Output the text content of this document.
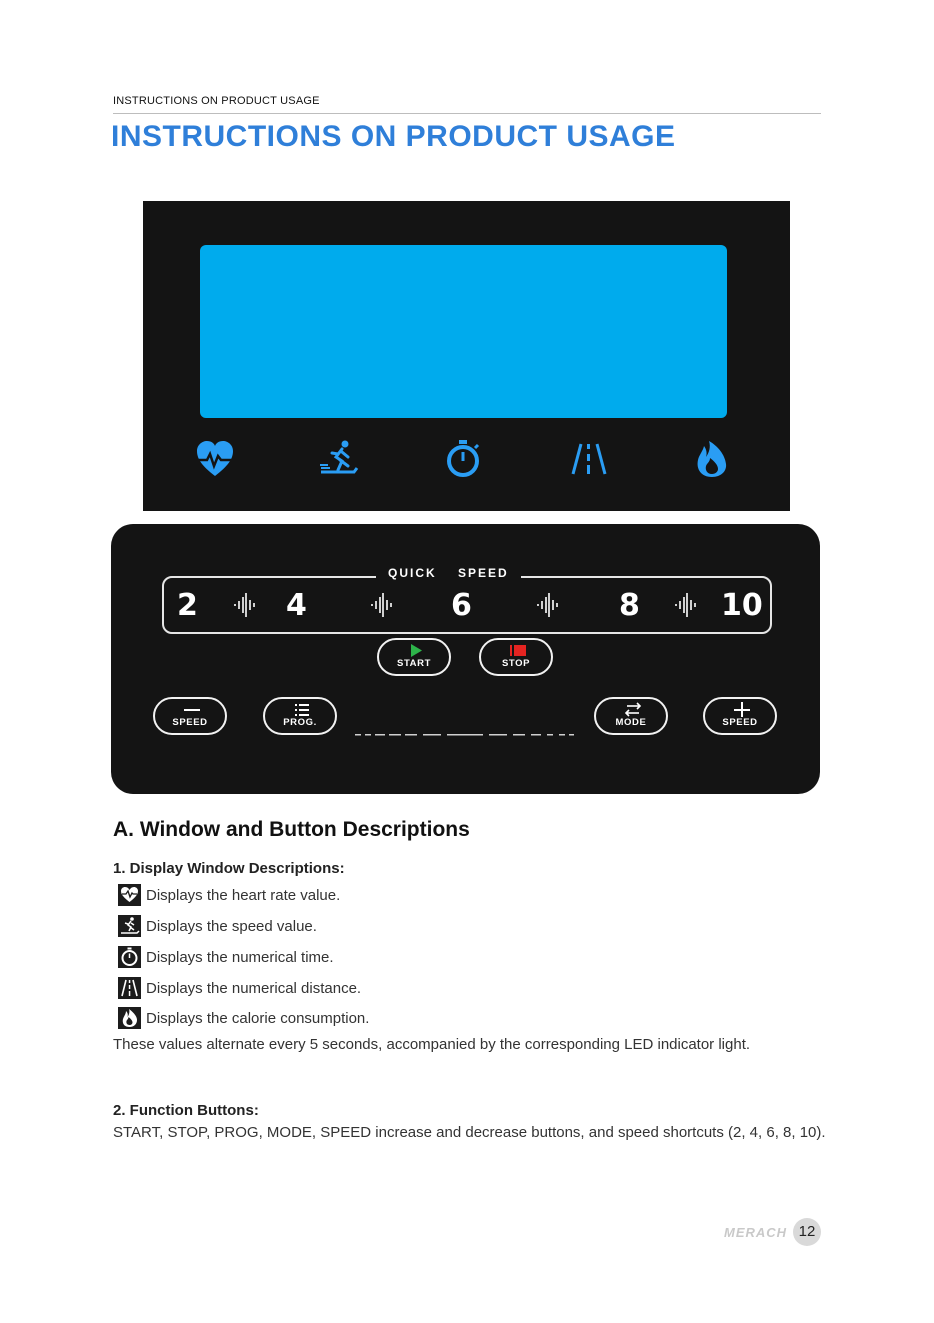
INSTRUCTIONS ON PRODUCT USAGE
INSTRUCTIONS ON PRODUCT USAGE
QUICK    SPEED
2	4	6	8	10
START	STOP
SPEED	PROG.	MODE	SPEED
A. Window and Button Descriptions
1. Display Window Descriptions:
Displays the heart rate value.
Displays the speed value.
Displays the numerical time.
Displays the numerical distance.
Displays the calorie consumption.
These values alternate every 5 seconds, accompanied by the corresponding LED indicator light.
2. Function Buttons:
START, STOP, PROG, MODE, SPEED increase and decrease buttons, and speed shortcuts (2, 4, 6, 8, 10).
MERACH 12
